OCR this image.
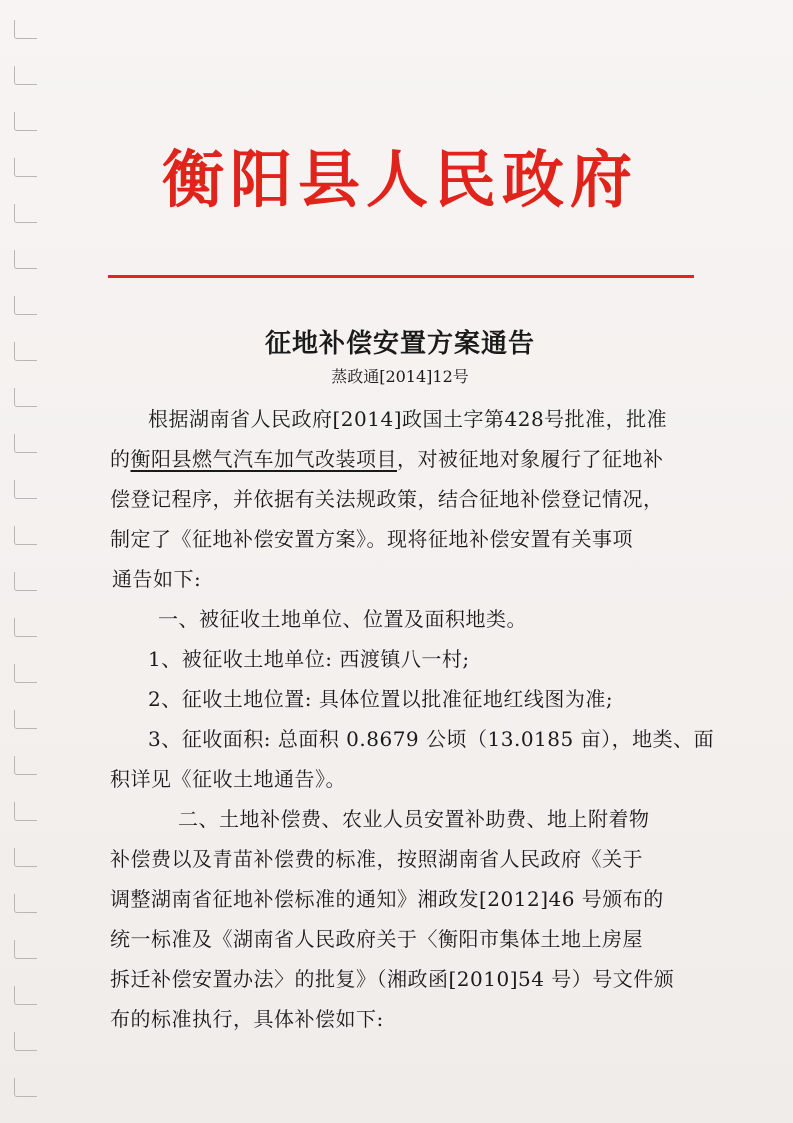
衡阳县人民政府
征地补偿安置方案通告
蒸政通[2014]12号
根据湖南省人民政府[2014]政国土字第428号批准，批准
的衡阳县燃气汽车加气改装项目，对被征地对象履行了征地补
偿登记程序，并依据有关法规政策，结合征地补偿登记情况，
制定了《征地补偿安置方案》。现将征地补偿安置有关事项
通告如下:
一、被征收土地单位、位置及面积地类。
1、被征收土地单位: 西渡镇八一村;
2、征收土地位置: 具体位置以批准征地红线图为准;
3、征收面积: 总面积 0.8679 公顷（13.0185 亩），地类、面
积详见《征收土地通告》。
二、土地补偿费、农业人员安置补助费、地上附着物
补偿费以及青苗补偿费的标准，按照湖南省人民政府《关于
调整湖南省征地补偿标准的通知》湘政发[2012]46 号颁布的
统一标准及《湖南省人民政府关于〈衡阳市集体土地上房屋
拆迁补偿安置办法〉的批复》（湘政函[2010]54 号）号文件颁
布的标准执行，具体补偿如下:
